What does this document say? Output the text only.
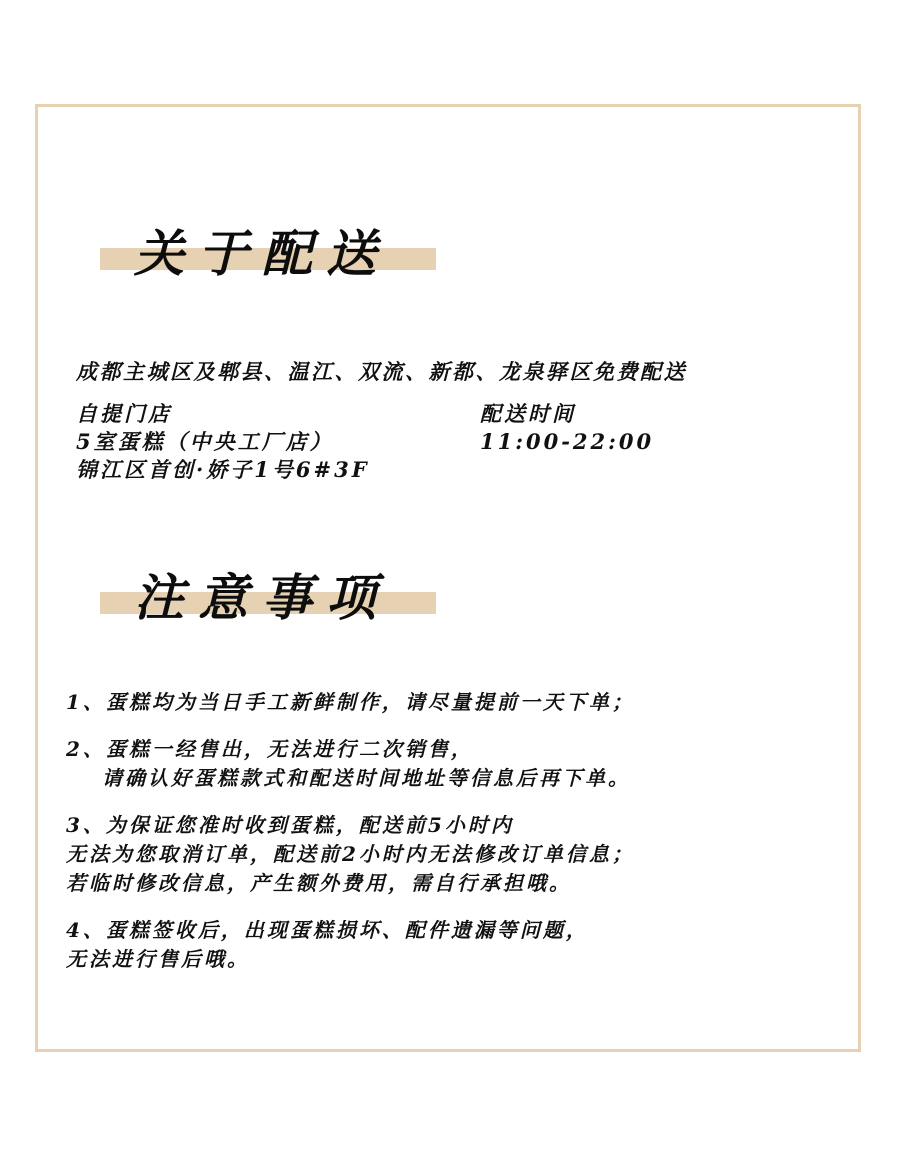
关于配送
成都主城区及郫县、温江、双流、新都、龙泉驿区免费配送
自提门店
5室蛋糕（中央工厂店）
锦江区首创·娇子1号6#3F
配送时间
11:00-22:00
注意事项
1、蛋糕均为当日手工新鲜制作，请尽量提前一天下单；
2、蛋糕一经售出，无法进行二次销售，
请确认好蛋糕款式和配送时间地址等信息后再下单。
3、为保证您准时收到蛋糕，配送前5小时内
无法为您取消订单，配送前2小时内无法修改订单信息；
若临时修改信息，产生额外费用，需自行承担哦。
4、蛋糕签收后，出现蛋糕损坏、配件遗漏等问题，
无法进行售后哦。
